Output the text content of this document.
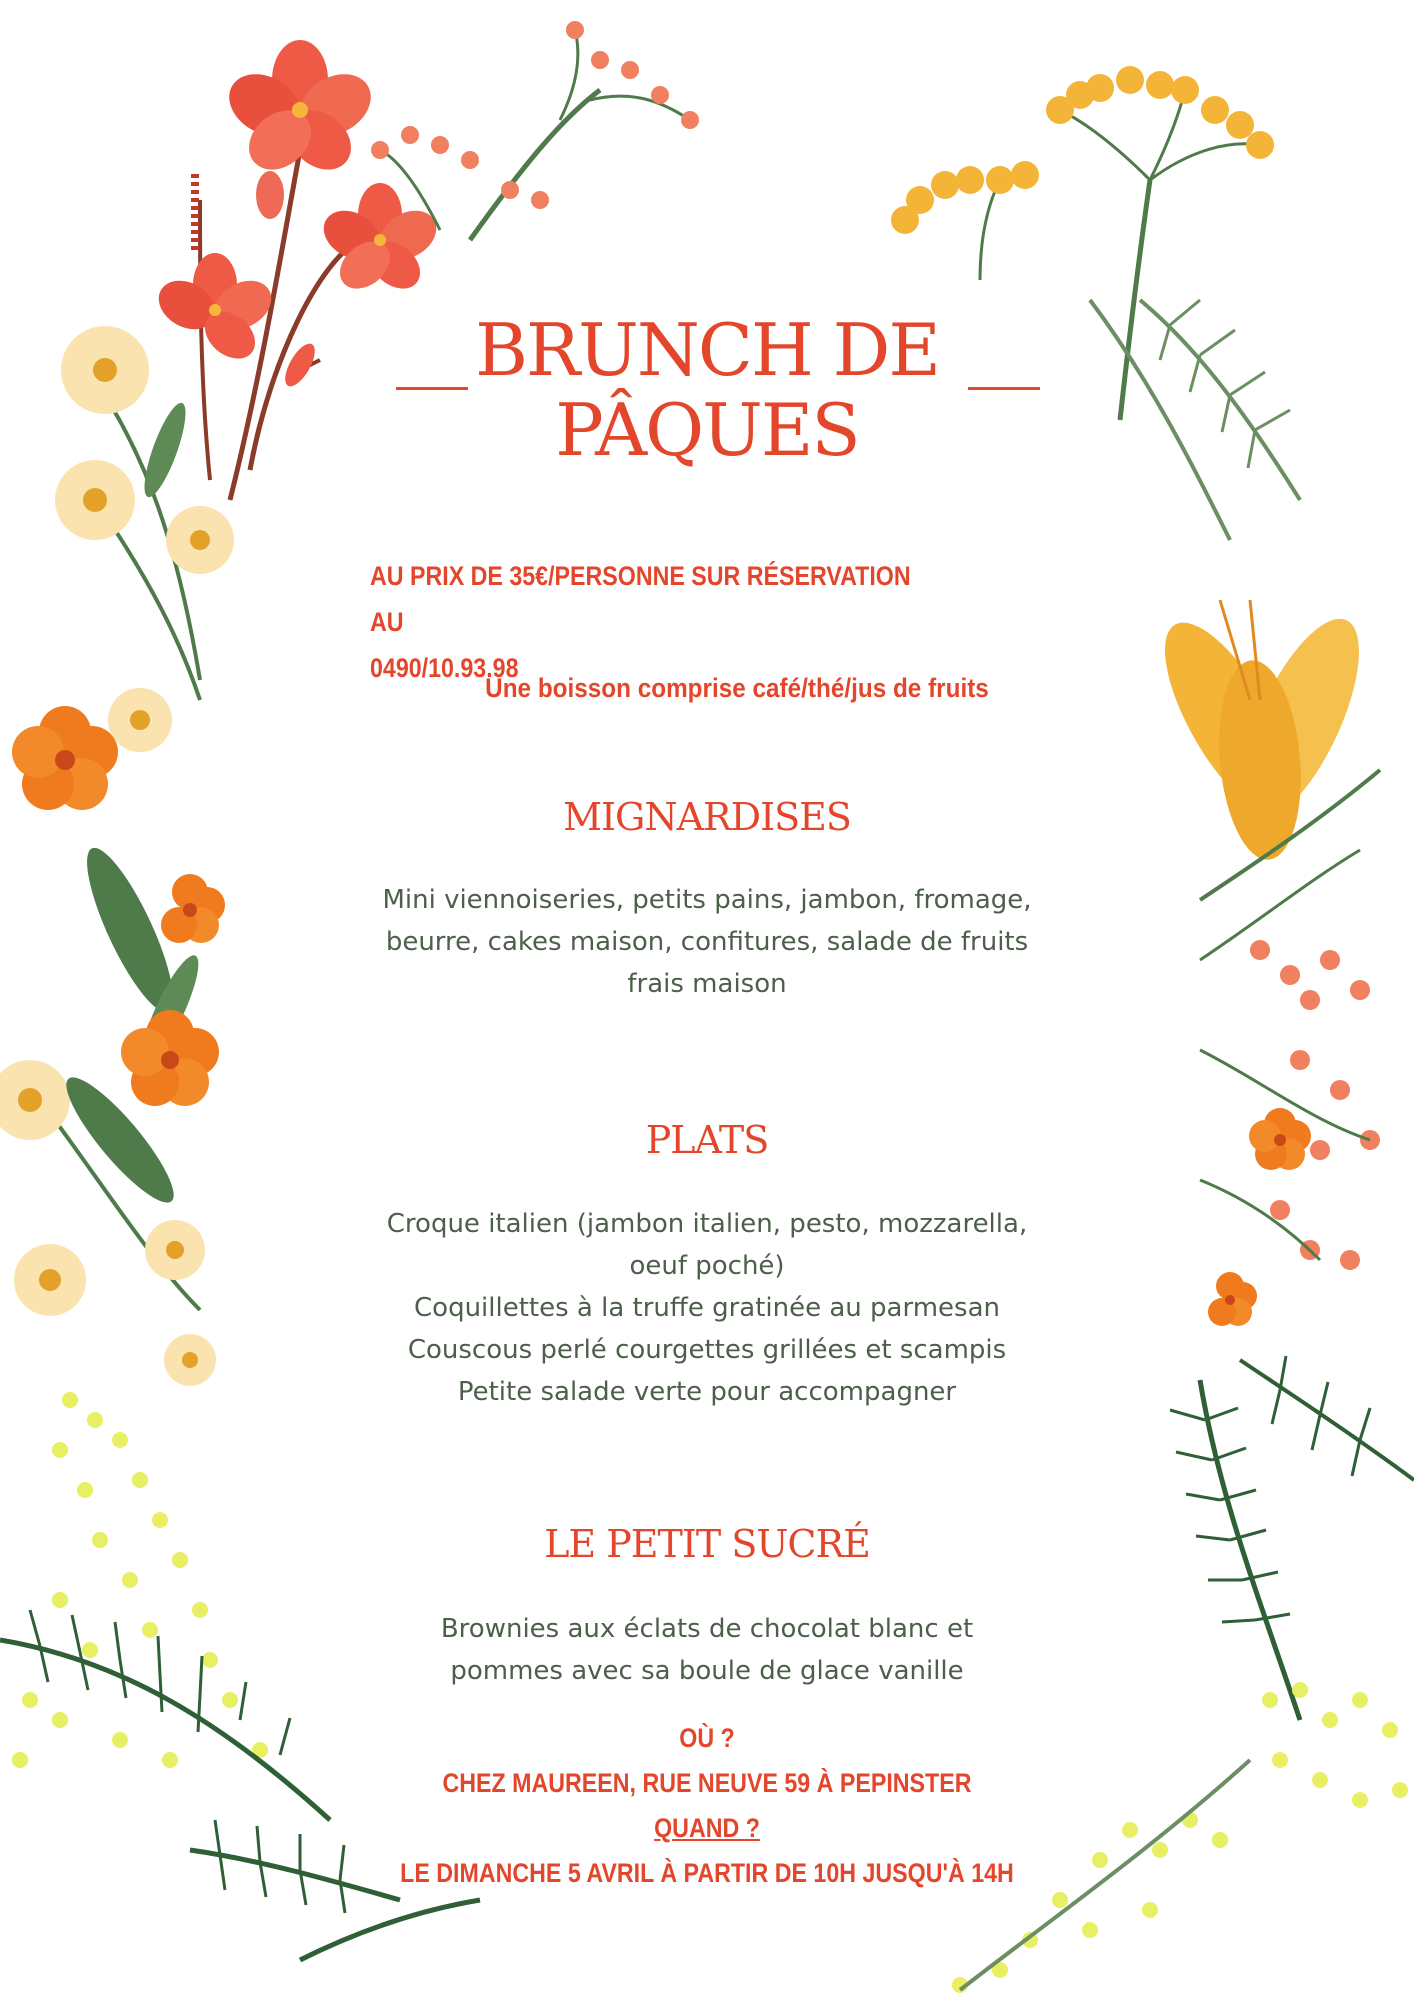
BRUNCH DE
PÂQUES
AU PRIX DE 35€/PERSONNE SUR RÉSERVATION AU
0490/10.93.98
Une boisson comprise café/thé/jus de fruits
MIGNARDISES
Mini viennoiseries, petits pains, jambon, fromage,
beurre, cakes maison, confitures, salade de fruits
frais maison
PLATS
Croque italien (jambon italien, pesto, mozzarella,
oeuf poché)
Coquillettes à la truffe gratinée au parmesan
Couscous perlé courgettes grillées et scampis
Petite salade verte pour accompagner
LE PETIT SUCRÉ
Brownies aux éclats de chocolat blanc et
pommes avec sa boule de glace vanille
OÙ ?
CHEZ MAUREEN, RUE NEUVE 59 À PEPINSTER
QUAND ?
LE DIMANCHE 5 AVRIL À PARTIR DE 10H JUSQU'À 14H
